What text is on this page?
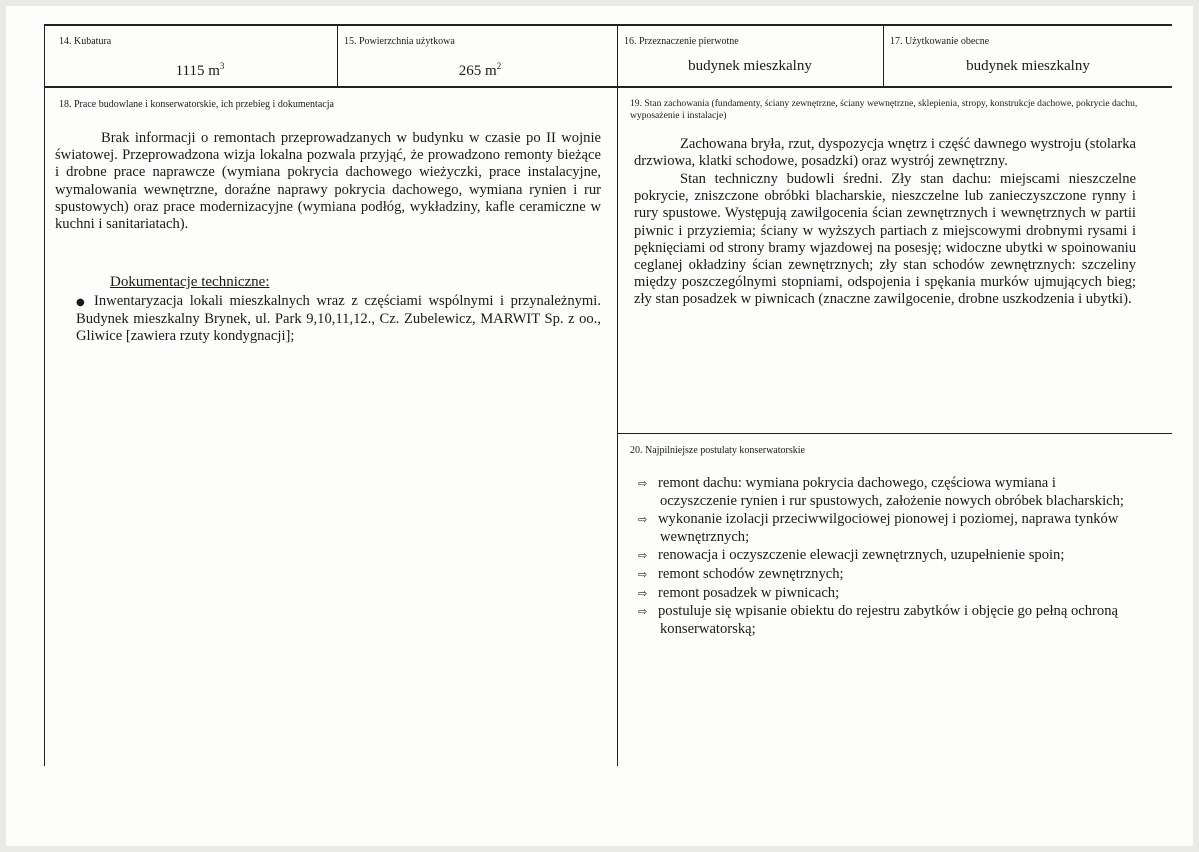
14. Kubatura
1115 $m^3$
15. Powierzchnia użytkowa
265 $m^2$
16. Przeznaczenie pierwotne
budynek mieszkalny
17. Użytkowanie obecne
budynek mieszkalny
18. Prace budowlane i konserwatorskie, ich przebieg i dokumentacja
Brak informacji o remontach przeprowadzanych w budynku w czasie po II wojnie światowej. Przeprowadzona wizja lokalna pozwala przyjąć, że prowadzono remonty bieżące i drobne prace naprawcze (wymiana pokrycia dachowego wieżyczki, prace instalacyjne, wymalowania wewnętrzne, doraźne naprawy pokrycia dachowego, wymiana rynien i rur spustowych) oraz prace modernizacyjne (wymiana podłóg, wykładziny, kafle ceramiczne w kuchni i sanitariatach).
Dokumentacje techniczne:
● Inwentaryzacja lokali mieszkalnych wraz z częściami wspólnymi i przynależnymi. Budynek mieszkalny Brynek, ul. Park 9,10,11,12., Cz. Zubelewicz, MARWIT Sp. z oo., Gliwice [zawiera rzuty kondygnacji];
19. Stan zachowania (fundamenty, ściany zewnętrzne, ściany wewnętrzne, sklepienia, stropy, konstrukcje dachowe, pokrycie dachu, wyposażenie i instalacje)
Zachowana bryła, rzut, dyspozycja wnętrz i część dawnego wystroju (stolarka drzwiowa, klatki schodowe, posadzki) oraz wystrój zewnętrzny.
Stan techniczny budowli średni. Zły stan dachu: miejscami nieszczelne pokrycie, zniszczone obróbki blacharskie, nieszczelne lub zanieczyszczone rynny i rury spustowe. Występują zawilgocenia ścian zewnętrznych i wewnętrznych w partii piwnic i przyziemia; ściany w wyższych partiach z miejscowymi drobnymi rysami i pęknięciami od strony bramy wjazdowej na posesję; widoczne ubytki w spoinowaniu ceglanej okładziny ścian zewnętrznych; zły stan schodów zewnętrznych: szczeliny między poszczególnymi stopniami, odspojenia i spękania murków ujmujących bieg; zły stan posadzek w piwnicach (znaczne zawilgocenie, drobne uszkodzenia i ubytki).
20. Najpilniejsze postulaty konserwatorskie
⇨ remont dachu: wymiana pokrycia dachowego, częściowa wymiana i oczyszczenie rynien i rur spustowych, założenie nowych obróbek blacharskich;
⇨ wykonanie izolacji przeciwwilgociowej pionowej i poziomej, naprawa tynków wewnętrznych;
⇨ renowacja i oczyszczenie elewacji zewnętrznych, uzupełnienie spoin;
⇨ remont schodów zewnętrznych;
⇨ remont posadzek w piwnicach;
⇨ postuluje się wpisanie obiektu do rejestru zabytków i objęcie go pełną ochroną konserwatorską;
